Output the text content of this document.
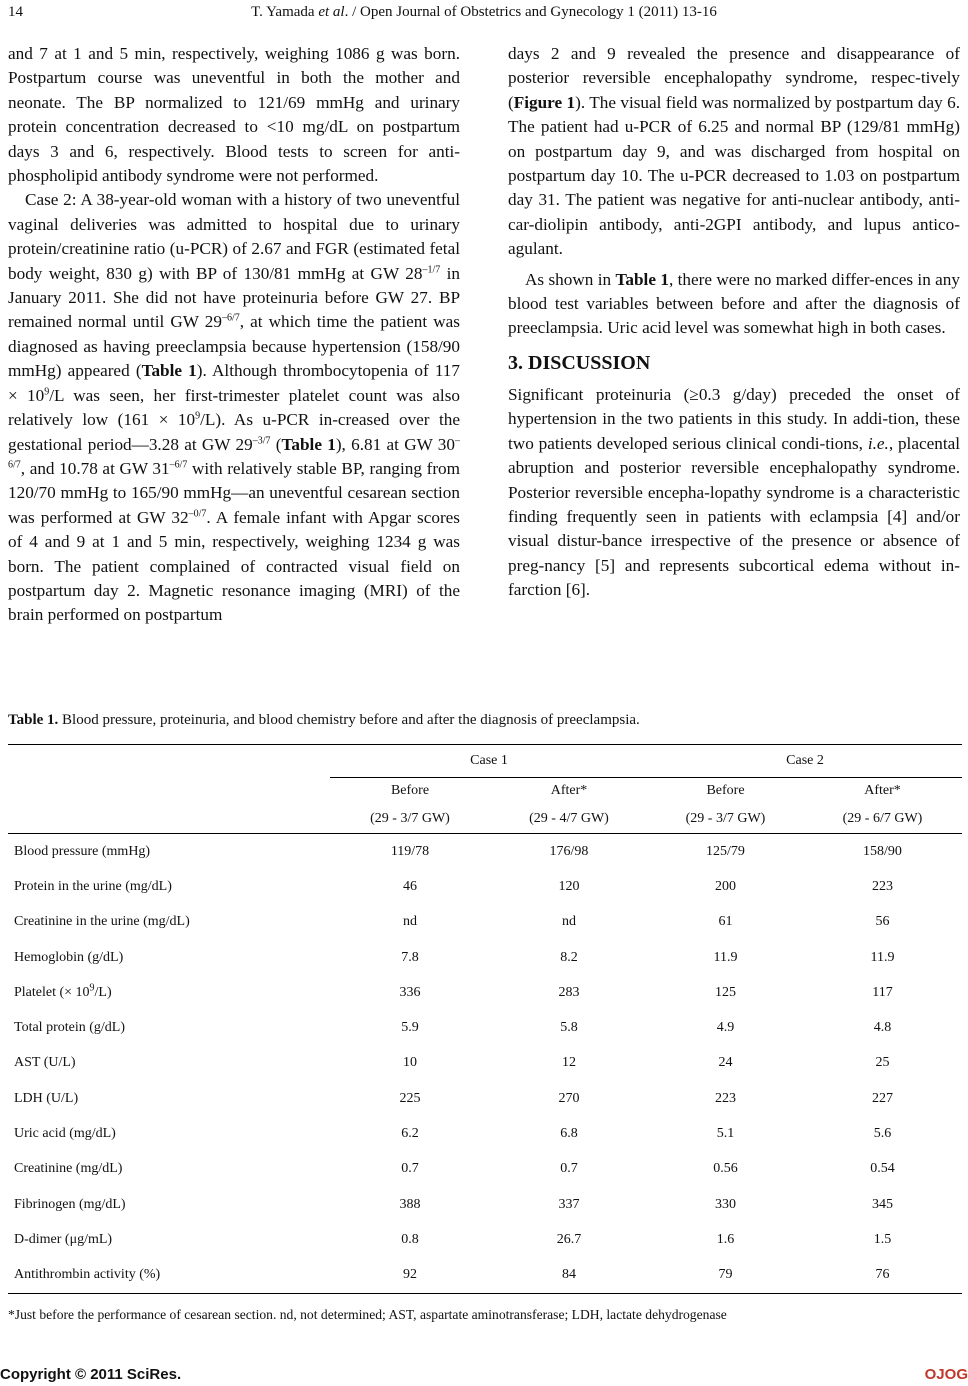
14	T. Yamada et al. / Open Journal of Obstetrics and Gynecology 1 (2011) 13-16

and 7 at 1 and 5 min, respectively, weighing 1086 g was born. Postpartum course was uneventful in both the mother and neonate. The BP normalized to 121/69 mmHg and urinary protein concentration decreased to <10 mg/dL on postpartum days 3 and 6, respectively. Blood tests to screen for anti-phospholipid antibody syndrome were not performed.

Case 2: A 38-year-old woman with a history of two uneventful vaginal deliveries was admitted to hospital due to urinary protein/creatinine ratio (u-PCR) of 2.67 and FGR (estimated fetal body weight, 830 g) with BP of 130/81 mmHg at GW $28^{-1/7}$ in January 2011. She did not have proteinuria before GW 27. BP remained normal until GW $29^{-6/7}$, at which time the patient was diagnosed as having preeclampsia because hypertension (158/90 mmHg) appeared (Table 1). Although thrombocytopenia of $117 \times 10^9/L$ was seen, her first-trimester platelet count was also relatively low $(161 \times 10^9/L)$. As u-PCR in-creased over the gestational period—3.28 at GW $29^{-3/7}$ (Table 1), 6.81 at GW $30^{-6/7}$, and 10.78 at GW $31^{-6/7}$ with relatively stable BP, ranging from 120/70 mmHg to 165/90 mmHg—an uneventful cesarean section was performed at GW $32^{-0/7}$. A female infant with Apgar scores of 4 and 9 at 1 and 5 min, respectively, weighing 1234 g was born. The patient complained of contracted visual field on postpartum day 2. Magnetic resonance imaging (MRI) of the brain performed on postpartum

days 2 and 9 revealed the presence and disappearance of posterior reversible encephalopathy syndrome, respec-tively (Figure 1). The visual field was normalized by postpartum day 6. The patient had u-PCR of 6.25 and normal BP (129/81 mmHg) on postpartum day 9, and was discharged from hospital on postpartum day 10. The u-PCR decreased to 1.03 on postpartum day 31. The patient was negative for anti-nuclear antibody, anti-car-diolipin antibody, anti-2GPI antibody, and lupus antico-agulant.

As shown in Table 1, there were no marked differ-ences in any blood test variables between before and after the diagnosis of preeclampsia. Uric acid level was somewhat high in both cases.

3. DISCUSSION

Significant proteinuria (≥0.3 g/day) preceded the onset of hypertension in the two patients in this study. In addi-tion, these two patients developed serious clinical condi-tions, i.e., placental abruption and posterior reversible encephalopathy syndrome. Posterior reversible encepha-lopathy syndrome is a characteristic finding frequently seen in patients with eclampsia [4] and/or visual distur-bance irrespective of the presence or absence of preg-nancy [5] and represents subcortical edema without in-farction [6].

Table 1. Blood pressure, proteinuria, and blood chemistry before and after the diagnosis of preeclampsia.
	Case 1		Case 2	
	Before	After*	Before	After*
	(29 - 3/7 GW)	(29 - 4/7 GW)	(29 - 3/7 GW)	(29 - 6/7 GW)
Blood pressure (mmHg)	119/78	176/98	125/79	158/90
Protein in the urine (mg/dL)	46	120	200	223
Creatinine in the urine (mg/dL)	nd	nd	61	56
Hemoglobin (g/dL)	7.8	8.2	11.9	11.9
Platelet (× $10^9/L$)	336	283	125	117
Total protein (g/dL)	5.9	5.8	4.9	4.8
AST (U/L)	10	12	24	25
LDH (U/L)	225	270	223	227
Uric acid (mg/dL)	6.2	6.8	5.1	5.6
Creatinine (mg/dL)	0.7	0.7	0.56	0.54
Fibrinogen (mg/dL)	388	337	330	345
D-dimer (μg/mL)	0.8	26.7	1.6	1.5
Antithrombin activity (%)	92	84	79	76
*Just before the performance of cesarean section. nd, not determined; AST, aspartate aminotransferase; LDH, lactate dehydrogenase
Copyright © 2011 SciRes.	OJOG
